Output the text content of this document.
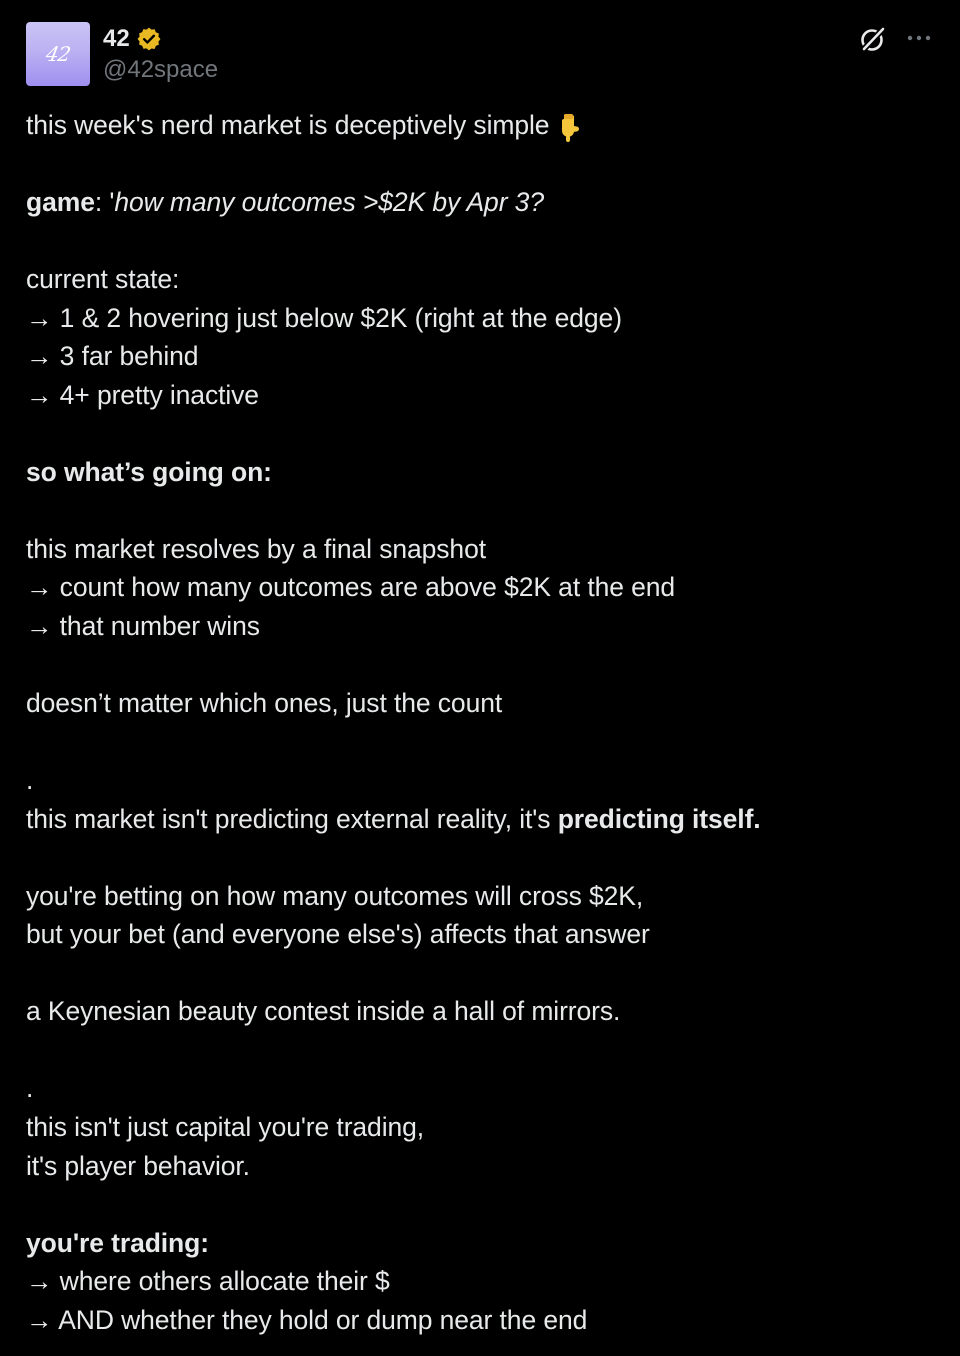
42
42
@42space
this week's nerd market is deceptively simple
game: 'how many outcomes >$2K by Apr 3?
current state:
→ 1 & 2 hovering just below $2K (right at the edge)
→ 3 far behind
→ 4+ pretty inactive
so what’s going on:
this market resolves by a final snapshot
→ count how many outcomes are above $2K at the end
→ that number wins
doesn’t matter which ones, just the count
.
this market isn't predicting external reality, it's predicting itself.
you're betting on how many outcomes will cross $2K,
but your bet (and everyone else's) affects that answer
a Keynesian beauty contest inside a hall of mirrors.
.
this isn't just capital you're trading,
it's player behavior.
you're trading:
→ where others allocate their $
→ AND whether they hold or dump near the end
